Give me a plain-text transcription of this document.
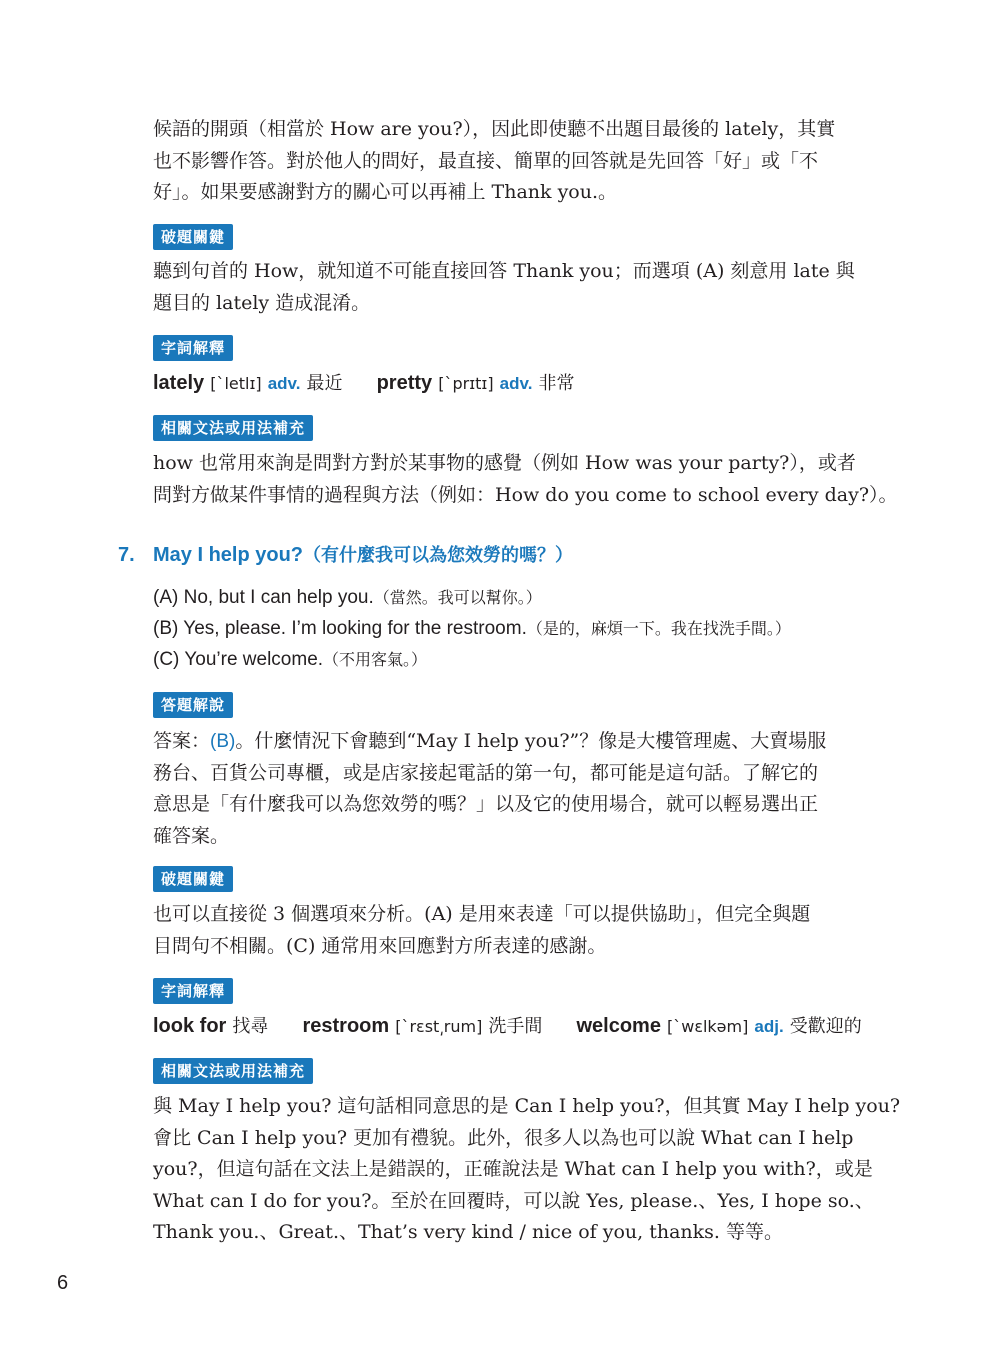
候語的開頭（相當於 How are you?），因此即使聽不出題目最後的 lately，其實
也不影響作答。對於他人的問好，最直接、簡單的回答就是先回答「好」或「不
好」。如果要感謝對方的關心可以再補上 Thank you.。

破題關鍵

聽到句首的 How，就知道不可能直接回答 Thank you；而選項 (A) 刻意用 late 與
題目的 lately 造成混淆。

字詞解釋
lately [ˋletlɪ] adv. 最近 pretty [ˋprɪtɪ] adv. 非常
相關文法或用法補充

how 也常用來詢是問對方對於某事物的感覺（例如 How was your party?），或者
問對方做某件事情的過程與方法（例如：How do you come to school every day?）。

7. May I help you?（有什麼我可以為您效勞的嗎？）
(A) No, but I can help you.（當然。我可以幫你。）
(B) Yes, please. I’m looking for the restroom.（是的，麻煩一下。我在找洗手間。）
(C) You’re welcome.（不用客氣。）
答題解說

答案：(B)。什麼情況下會聽到“May I help you?”？像是大樓管理處、大賣場服
務台、百貨公司專櫃，或是店家接起電話的第一句，都可能是這句話。了解它的
意思是「有什麼我可以為您效勞的嗎？」以及它的使用場合，就可以輕易選出正
確答案。

破題關鍵

也可以直接從 3 個選項來分析。(A) 是用來表達「可以提供協助」，但完全與題
目問句不相關。(C) 通常用來回應對方所表達的感謝。

字詞解釋
look for 找尋 restroom [ˋrɛst͵rum] 洗手間 welcome [ˋwɛlkəm] adj. 受歡迎的
相關文法或用法補充

與 May I help you? 這句話相同意思的是 Can I help you?，但其實 May I help you?
會比 Can I help you? 更加有禮貌。此外，很多人以為也可以說 What can I help
you?，但這句話在文法上是錯誤的，正確說法是 What can I help you with?，或是
What can I do for you?。至於在回覆時，可以說 Yes, please.、Yes, I hope so.、
Thank you.、Great.、That’s very kind / nice of you, thanks. 等等。

6
